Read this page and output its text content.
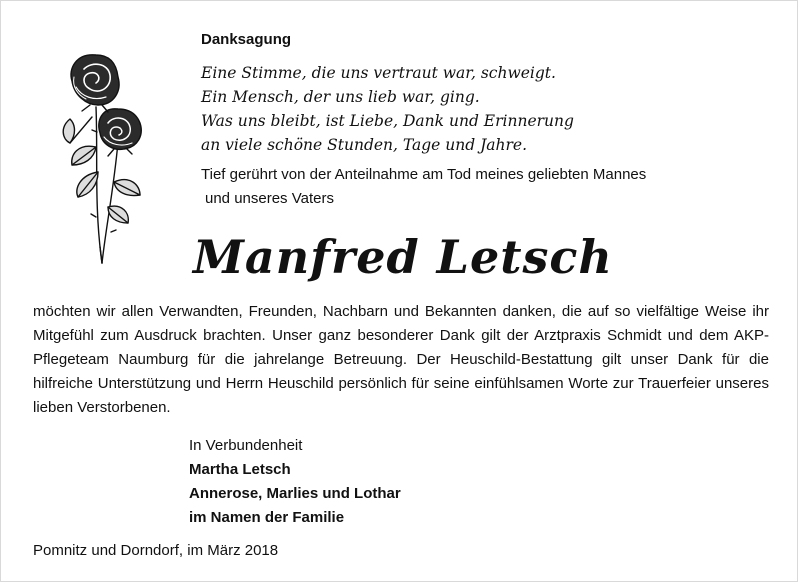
Danksagung

Eine Stimme, die uns vertraut war, schweigt.
Ein Mensch, der uns lieb war, ging.
Was uns bleibt, ist Liebe, Dank und Erinnerung
an viele schöne Stunden, Tage und Jahre.

Tief gerührt von der Anteilnahme am Tod meines geliebten Mannes
und unseres Vaters

Manfred Letsch

möchten wir allen Verwandten, Freunden, Nachbarn und Bekannten danken, die auf so vielfältige Weise ihr Mitgefühl zum Ausdruck brachten. Unser ganz besonderer Dank gilt der Arztpraxis Schmidt und dem AKP-Pflegeteam Naumburg für die jahrelange Betreuung. Der Heuschild-Bestattung gilt unser Dank für die hilfreiche Unterstützung und Herrn Heuschild persönlich für seine einfühlsamen Worte zur Trauerfeier unseres lieben Verstorbenen.

In Verbundenheit
Martha Letsch
Annerose, Marlies und Lothar
im Namen der Familie

Pomnitz und Dorndorf, im März 2018
